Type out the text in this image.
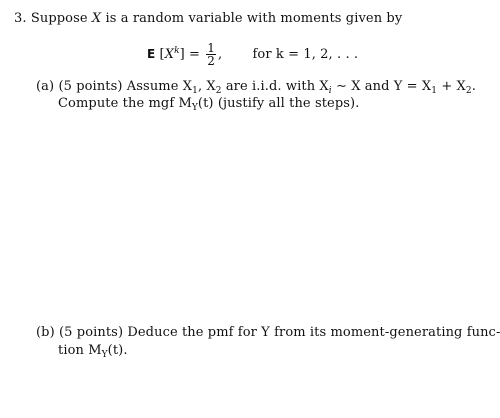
3. Suppose X is a random variable with moments given by
E $[X^k] = \frac{1}{2}$ , for k = 1, 2, . . .
(a) (5 points) Assume $X_1$, $X_2$ are i.i.d. with $X_i$ ∼ X and $Y = X_1 + X_2$.
Compute the mgf $M_Y(t)$ (justify all the steps).
(b) (5 points) Deduce the pmf for Y from its moment-generating func-
tion $M_Y(t)$.
